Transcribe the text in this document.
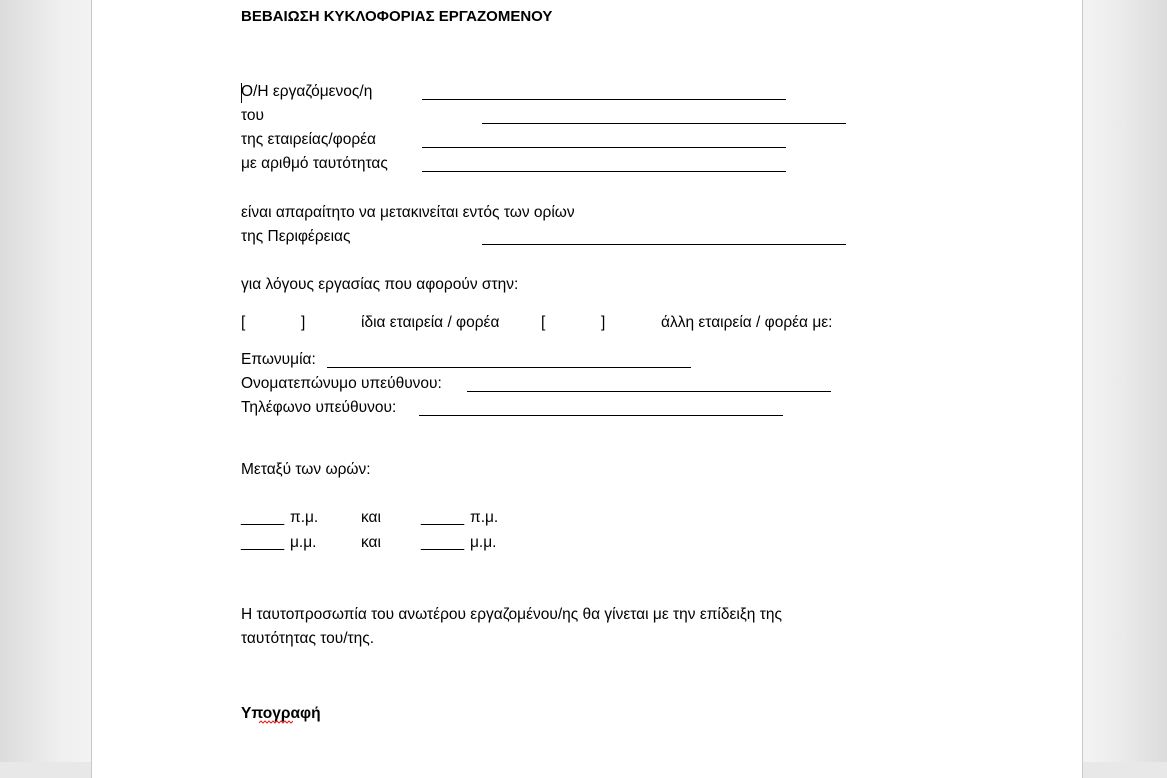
ΒΕΒΑΙΩΣΗ ΚΥΚΛΟΦΟΡΙΑΣ ΕΡΓΑΖΟΜΕΝΟΥ
Ο/Η εργαζόμενος/η
του
της εταιρείας/φορέα
με αριθμό ταυτότητας
είναι απαραίτητο να μετακινείται εντός των ορίων
της Περιφέρειας
για λόγους εργασίας που αφορούν στην:
[	]	ίδια εταιρεία / φορέα	[	]	άλλη εταιρεία / φορέα με:
Επωνυμία:
Ονοματεπώνυμο υπεύθυνου:
Τηλέφωνο υπεύθυνου:
Μεταξύ των ωρών:
_____ π.μ.	και	_____ π.μ.
_____ μ.μ.	και	_____ μ.μ.
Η ταυτοπροσωπία του ανωτέρου εργαζομένου/ης θα γίνεται με την επίδειξη της
ταυτότητας του/της.
Υπογραφή
